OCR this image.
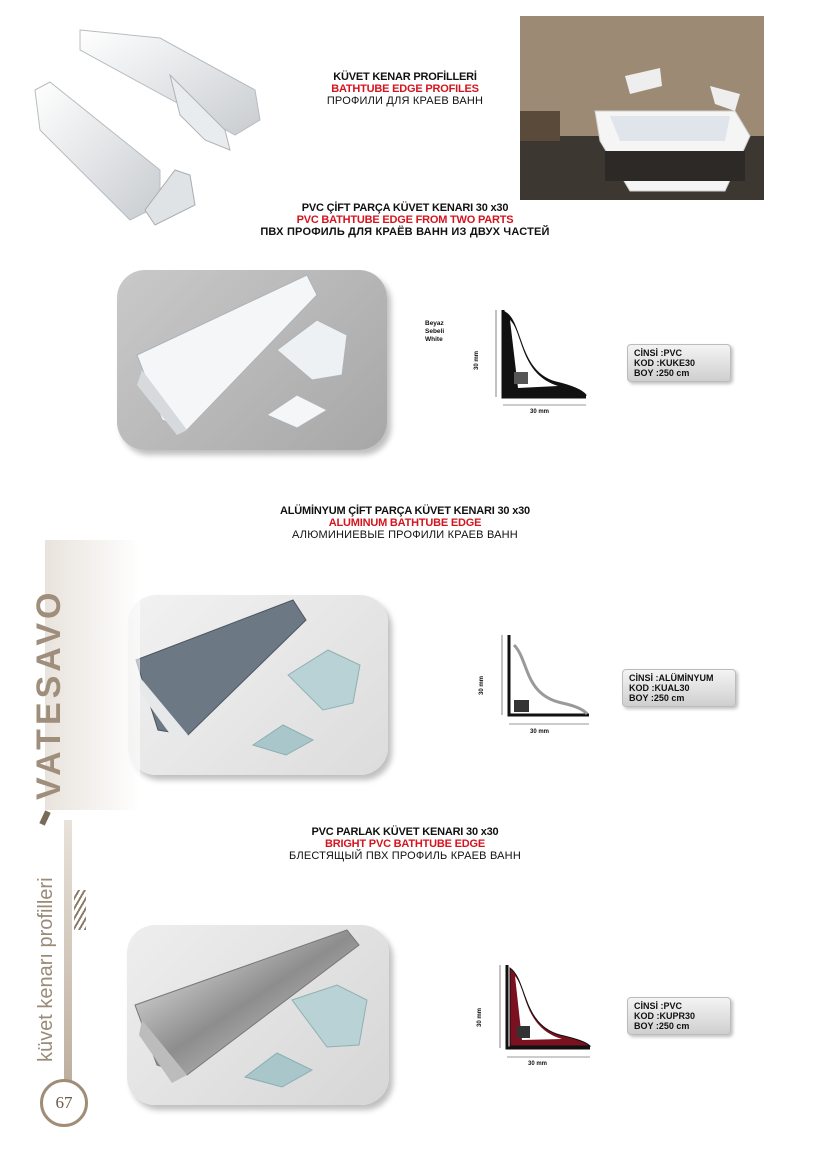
KÜVET KENAR PROFİLLERİ
BATHTUBE EDGE PROFILES
ПРОФИЛИ ДЛЯ КРАЕВ ВАНН
PVC ÇİFT PARÇA KÜVET KENARI 30 x30
PVC BATHTUBE EDGE FROM TWO PARTS
ПВХ ПРОФИЛЬ ДЛЯ КРАЁВ ВАНН ИЗ ДВУХ ЧАСТЕЙ
Beyaz
Sebeli
White
30 mm
30 mm
CİNSİ :PVC
KOD :KUKE30
BOY :250 cm
ALÜMİNYUM ÇİFT PARÇA KÜVET KENARI 30 x30
ALUMINUM BATHTUBE EDGE
АЛЮМИНИЕВЫЕ ПРОФИЛИ КРАЕВ ВАНН
30 mm
30 mm
CİNSİ :ALÜMİNYUM
KOD :KUAL30
BOY :250 cm
PVC PARLAK KÜVET KENARI 30 x30
BRIGHT PVC BATHTUBE EDGE
БЛЕСТЯЩЫЙ ПВХ ПРОФИЛЬ КРАЕВ ВАНН
30 mm
30 mm
CİNSİ :PVC
KOD :KUPR30
BOY :250 cm
VATESAVO
küvet kenarı profilleri
67
